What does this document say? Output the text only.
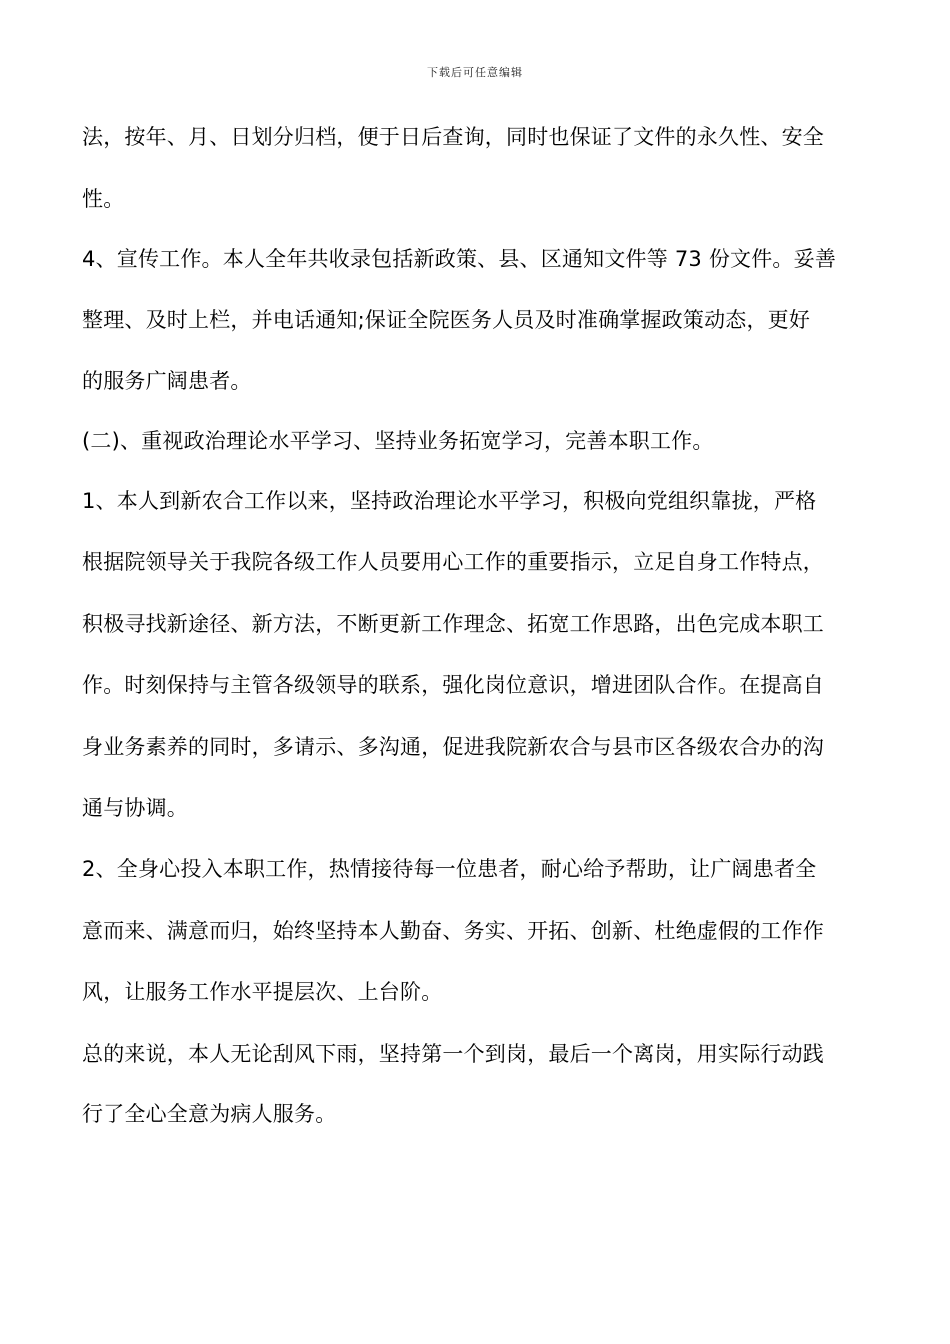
下载后可任意编辑
法，按年、月、日划分归档，便于日后查询，同时也保证了文件的永久性、安全
性。
4、宣传工作。本人全年共收录包括新政策、县、区通知文件等 73 份文件。妥善
整理、及时上栏，并电话通知;保证全院医务人员及时准确掌握政策动态，更好
的服务广阔患者。
(二)、重视政治理论水平学习、坚持业务拓宽学习，完善本职工作。
1、本人到新农合工作以来，坚持政治理论水平学习，积极向党组织靠拢，严格
根据院领导关于我院各级工作人员要用心工作的重要指示，立足自身工作特点，
积极寻找新途径、新方法，不断更新工作理念、拓宽工作思路，出色完成本职工
作。时刻保持与主管各级领导的联系，强化岗位意识，增进团队合作。在提高自
身业务素养的同时，多请示、多沟通，促进我院新农合与县市区各级农合办的沟
通与协调。
2、全身心投入本职工作，热情接待每一位患者，耐心给予帮助，让广阔患者全
意而来、满意而归，始终坚持本人勤奋、务实、开拓、创新、杜绝虚假的工作作
风，让服务工作水平提层次、上台阶。
总的来说，本人无论刮风下雨，坚持第一个到岗，最后一个离岗，用实际行动践
行了全心全意为病人服务。
